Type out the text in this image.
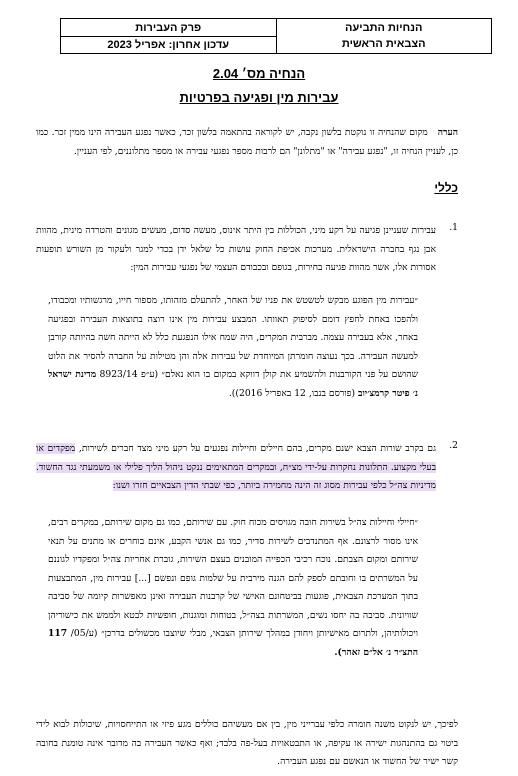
פרק העבירות
עדכון אחרון: אפריל 2023
הנחיות התביעה
הצבאית הראשית
הנחיה מס׳ 2.04
עבירות מין ופגיעה בפרטיות
הערהמקום שהנחיה זו נוקטת בלשון נקבה, יש לקוראה בהתאמה בלשון זכר, כאשר נפגע העבירה הינו ממין זכר. כמו כן, לעניין הנחיה זו, "נפגע עבירה" או "מתלונן" הם לרבות מספר נפגעי עבירה או מספר מתלוננים, לפי העניין.
כללי
1.
עבירות שעניינן פגיעה על רקע מיני, הכוללות בין היתר אינוס, מעשה סדום, מעשים מגונים והטרדה מינית, מהוות אבן נגף בחברה הישראלית. מערכות אכיפת החוק עושות כל שלאל ידן בכדי למגר ולעקור מן השורש תופעות אסורות אלו, אשר מהוות פגיעה בחירות, בגופם ובכבודם העצמי של נפגעי עבירות המין:
״עבירות מין הפוגע מבקש לטשטש את פניו של האחר, להתעלם מזהותו, מספור חייו, מרגשותיו ומכבודו, ולהפכו באחת לחפץ דומם לסיפוק תאוותו. המבצע עבירות מין אינו רוצה בתוצאות העבירה ובפגיעה באחר, אלא בעבירה עצמה. מברבית המקרים, היה שמח אילו הנפגעת כלל לא הייתה חשה בהיותה קורבן למעשה העבירה. בכך נעוצה חומרתן המיוחדת של עבירות אלה והן מטילות על החברה להסיר את הלוט שהושם על פני הקורבנות ולהשמיע את קולן דווקא במקום בו הוא נאלם״ (ע״פ 8923/14 מדינת ישראל נ׳ פיטר קרמצ׳יוב (פורסם בנבו, 12 באפריל 2016)).
2.
גם בקרב שורות הצבא ישנם מקרים, בהם חיילים וחיילות נפגעים על רקע מיני מצד חברים לשירות, מפקדים או בעלי מקצוע. התלונות נחקרות על-ידי מצ״ח, ובמקרים המתאימים ננקט ניהול הליך פלילי או משמעתי נגד החשוד. מדיניות צה״ל כלפי עבירות מסוג זה הינה מחמירה ביותר, כפי שבתי הדין הצבאיים חזרו ושנו:
״חיילי וחיילות צה״ל בשירות חובה מגויסים מכוח חוק. עם שירותם, כמו גם מקום שירותם, במקרים רבים, אינו מסור לרצונם. אף המתנדבים לשירות סדיר, כמו גם אנשי הקבע, אינם בוחרים או מתנים על תנאי שירותם ומקום הצבתם. נוכח רכיבי הכפייה המובנים בעצם השירות, גוברת אחריות צה״ל ומפקדיו לגוננם על המשרתים בו וחובתם לספק להם הגנה מירבית על שלמות גופם ונפשם [...] עבירות מין, המתבצעות בתוך המערכת הצבאית, פוגעות בביטחונם האישי של קרבנות העבירה ואינן מאפשרות קיומה של סביבה שוויונית. סביבה בה יחסו נשים, המשרתות בצה״ל, בטוחות ומוגנות, חופשיות לבטא ולממש את כישוריהן ויכולותיהן, ולתרום מאישיותן ויחודן במהלך שירותן הצבאי, מבלי שיוצבו מכשולים בדרכן״ (ע/05/ 117 התצ״ר נ׳ אל״ם זאהר).
לפיכך, יש לנקוט משנה חומרה כלפי עברייני מין, בין אם מעשיהם כוללים מגע פיזי או התייחסויות, שיכולות לבוא לידי ביטוי גם בהתנהגות ישירה או עקיפה, או התבטאויות בעל-פה בלבד; ואף כאשר העבירה בה מדובר אינה טומנת בחובה קשר ישיר של החשוד או הנאשם עם נפגע העבירה.
